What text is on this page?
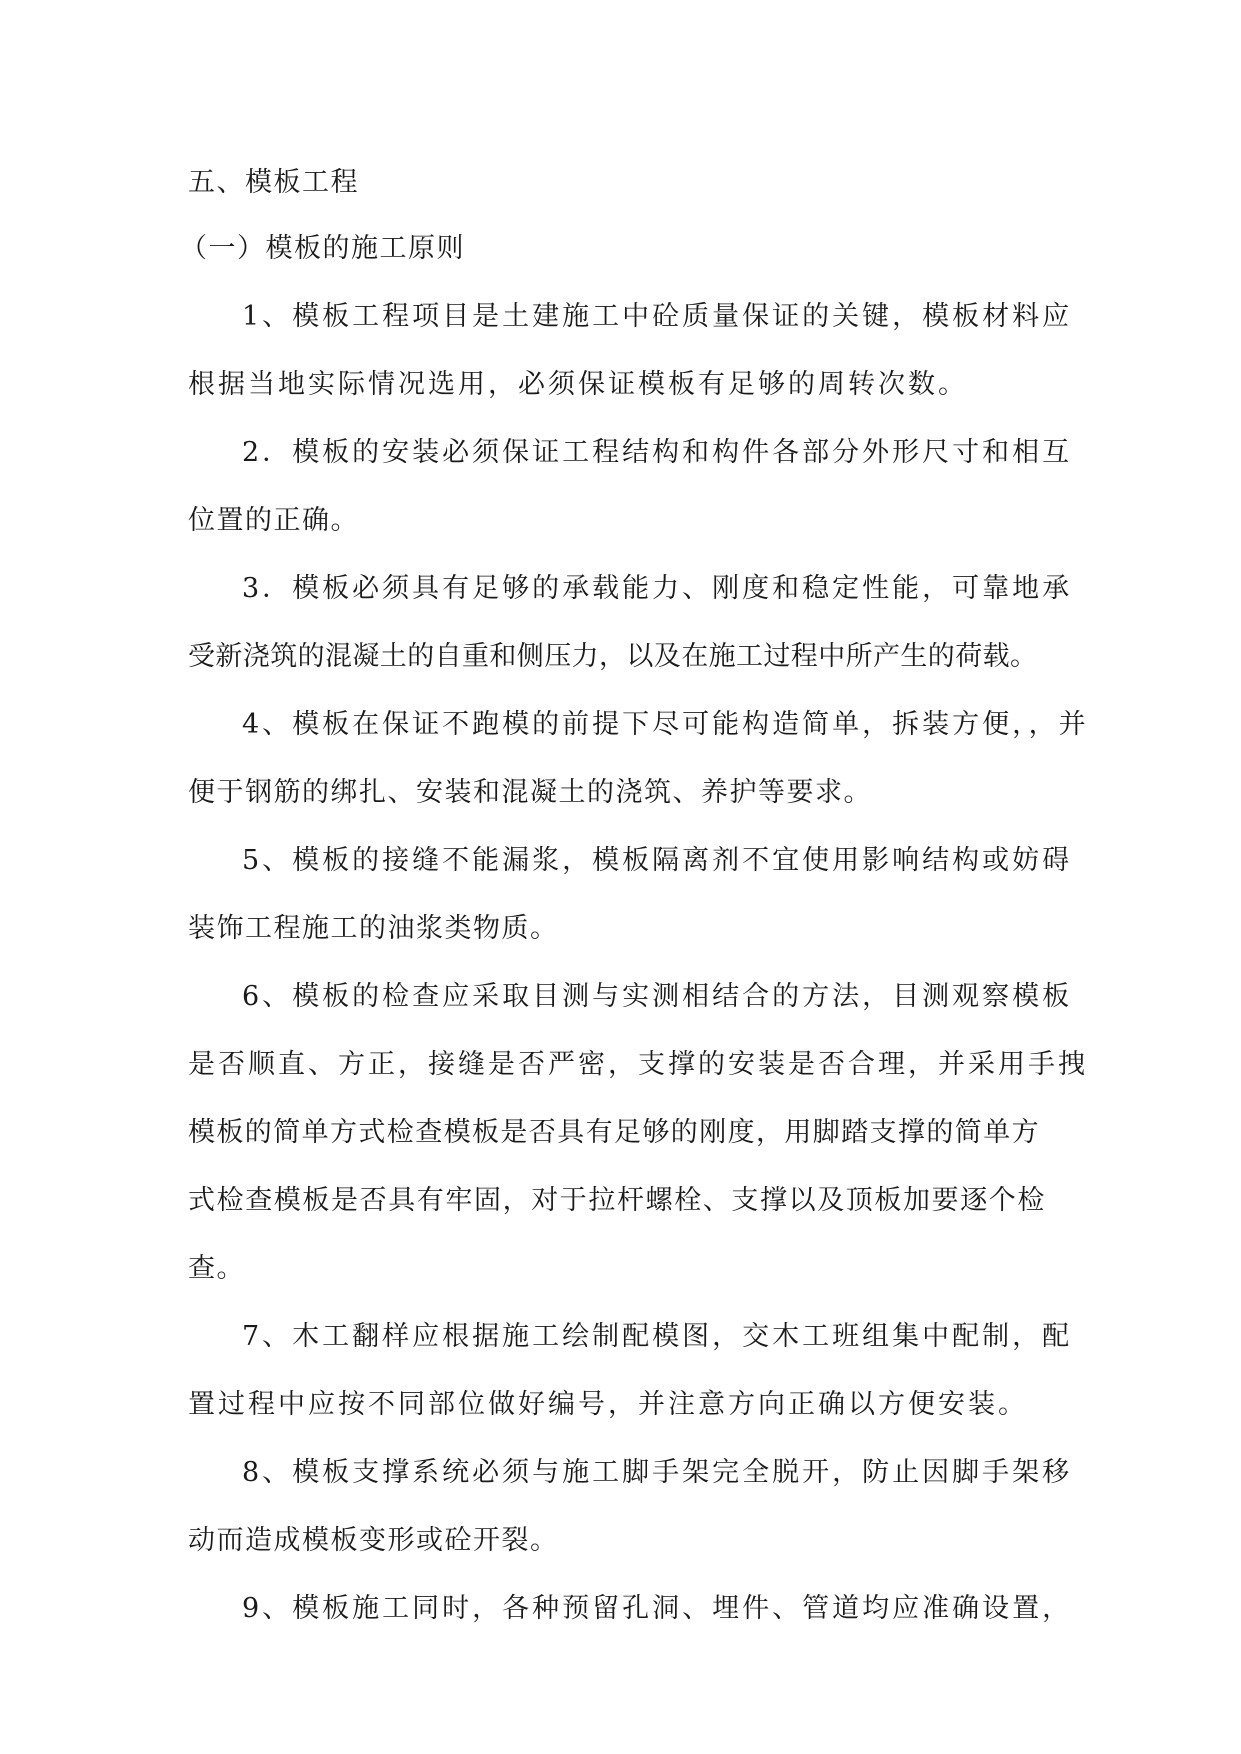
五、模板工程
（一）模板的施工原则
1、模板工程项目是土建施工中砼质量保证的关键，模板材料应
根据当地实际情况选用，必须保证模板有足够的周转次数。
2．模板的安装必须保证工程结构和构件各部分外形尺寸和相互
位置的正确。
3．模板必须具有足够的承载能力、刚度和稳定性能，可靠地承
受新浇筑的混凝土的自重和侧压力，以及在施工过程中所产生的荷载。
4、模板在保证不跑模的前提下尽可能构造简单，拆装方便，，并
便于钢筋的绑扎、安装和混凝土的浇筑、养护等要求。
5、模板的接缝不能漏浆，模板隔离剂不宜使用影响结构或妨碍
装饰工程施工的油浆类物质。
6、模板的检查应采取目测与实测相结合的方法，目测观察模板
是否顺直、方正，接缝是否严密，支撑的安装是否合理，并采用手拽
模板的简单方式检查模板是否具有足够的刚度，用脚踏支撑的简单方
式检查模板是否具有牢固，对于拉杆螺栓、支撑以及顶板加要逐个检
查。
7、木工翻样应根据施工绘制配模图，交木工班组集中配制，配
置过程中应按不同部位做好编号，并注意方向正确以方便安装。
8、模板支撑系统必须与施工脚手架完全脱开，防止因脚手架移
动而造成模板变形或砼开裂。
9、模板施工同时，各种预留孔洞、埋件、管道均应准确设置，
